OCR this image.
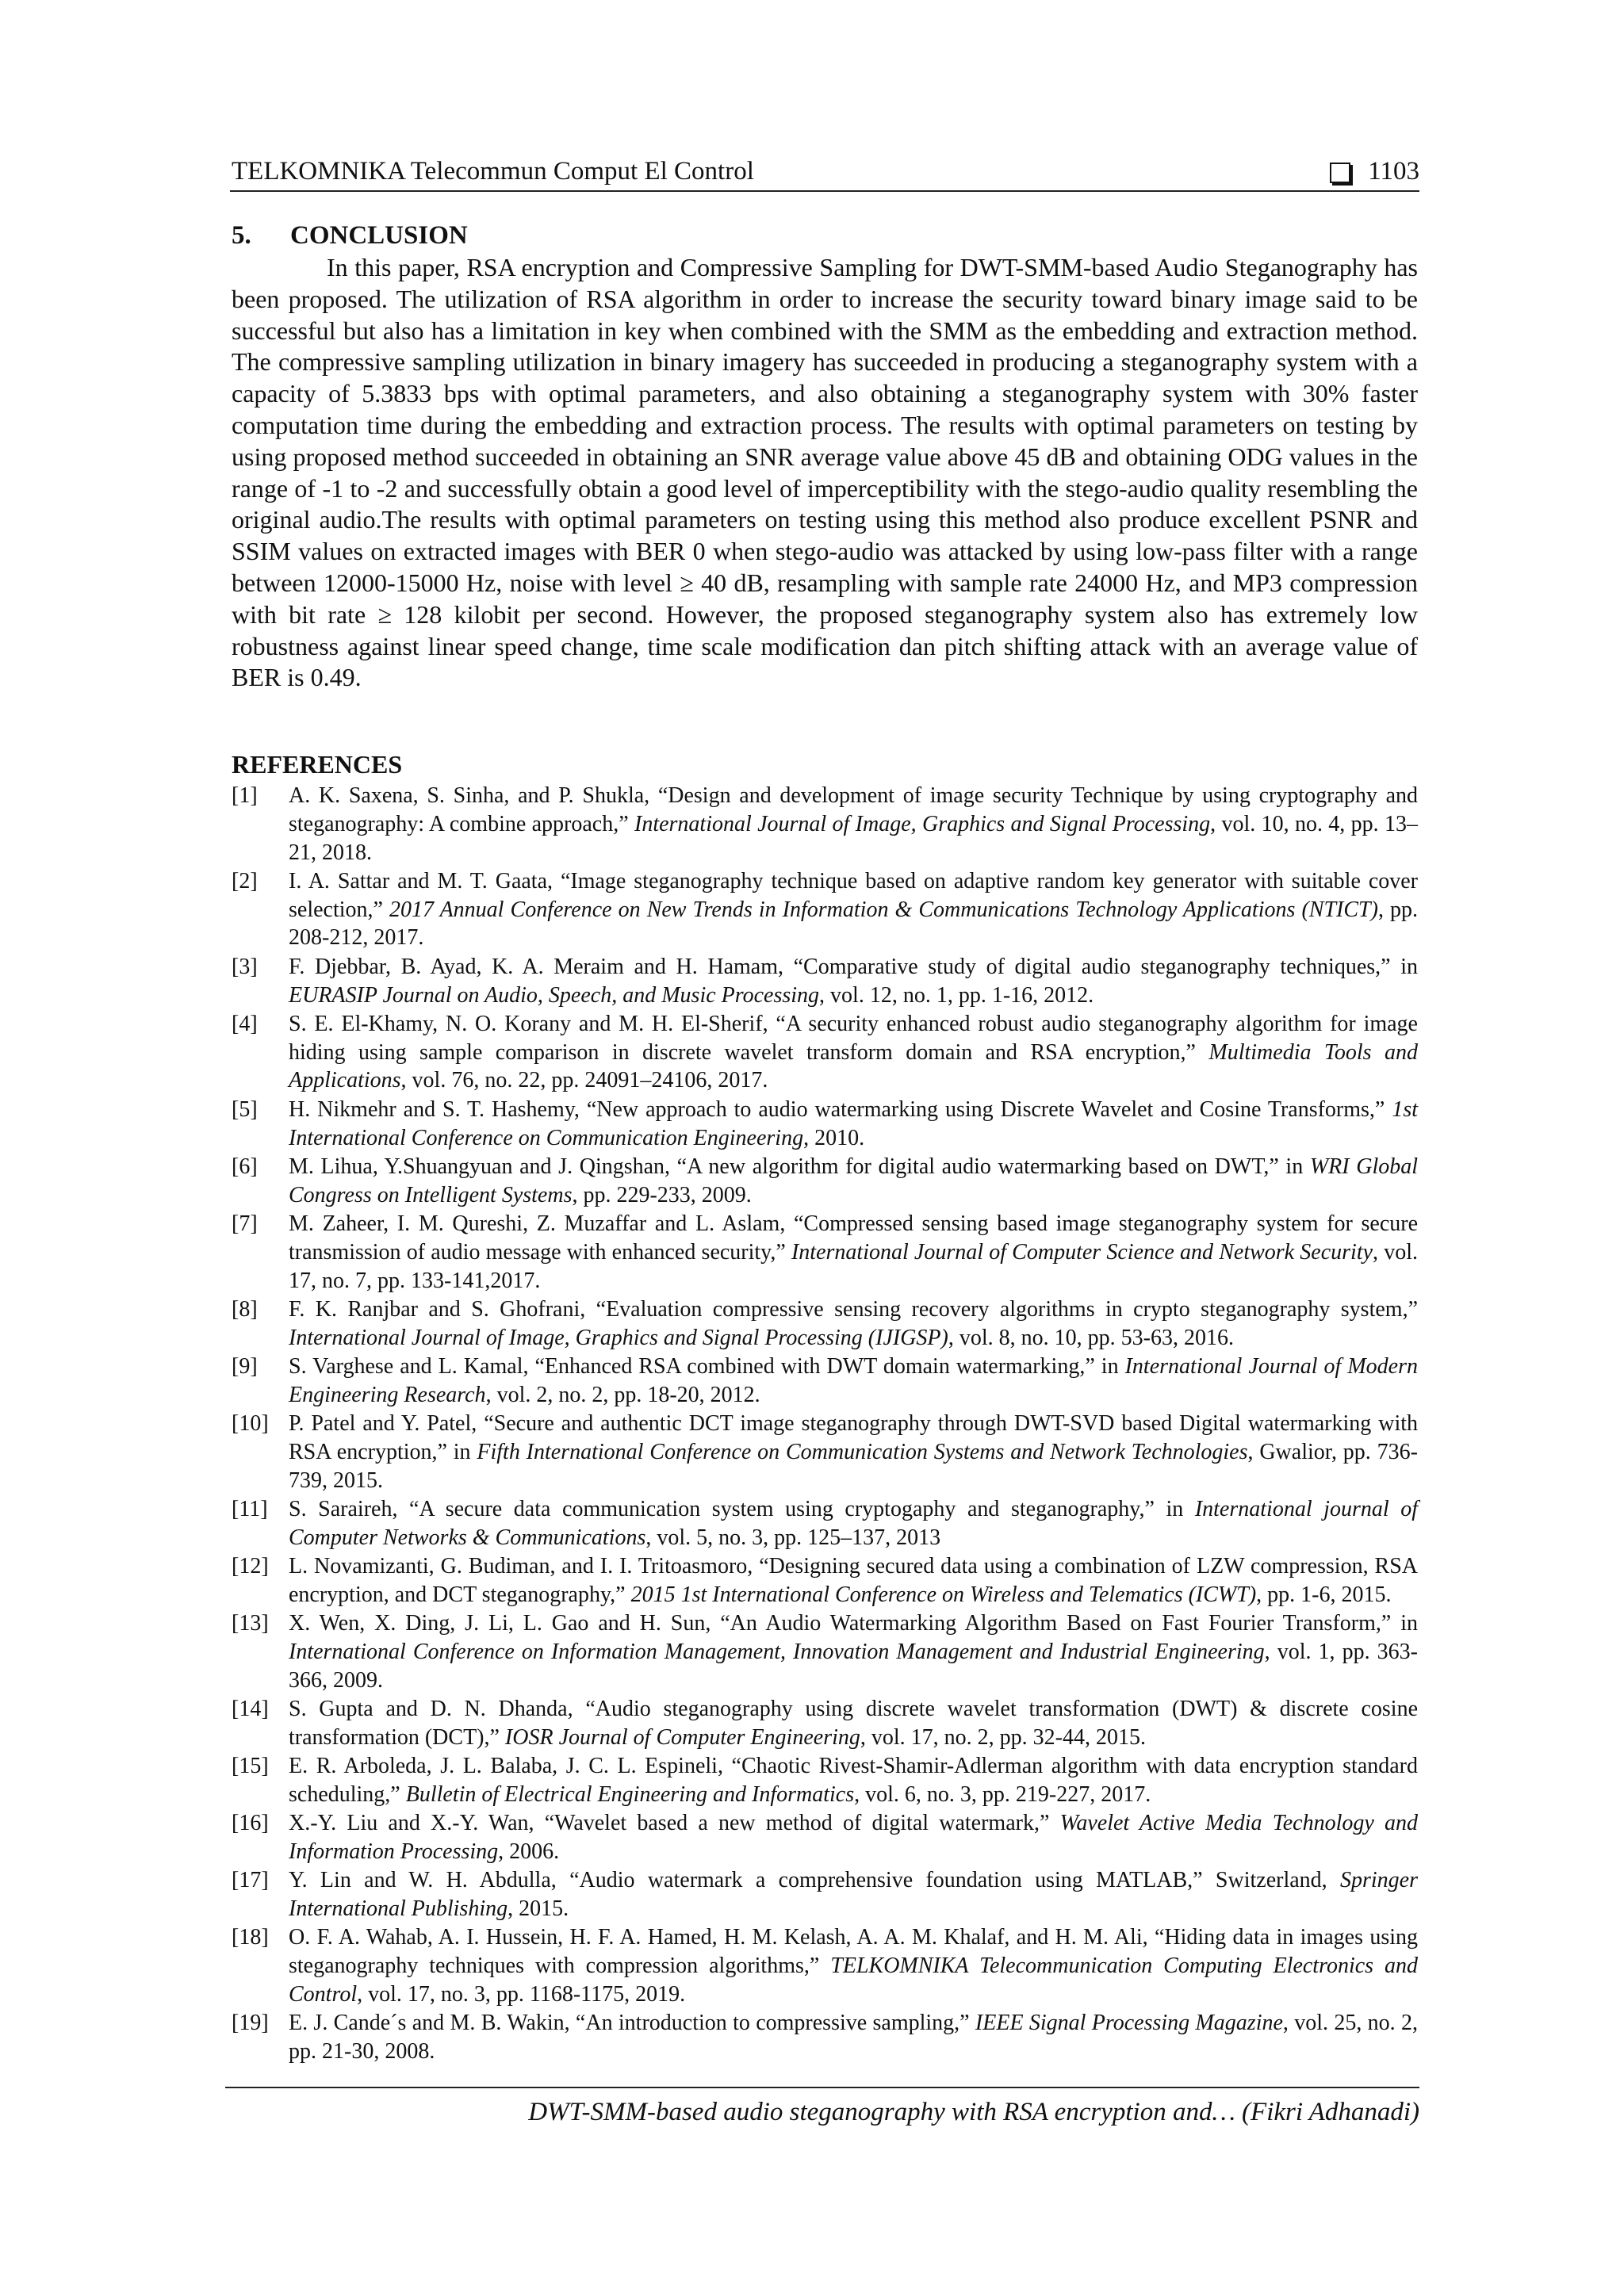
TELKOMNIKA Telecommun Comput El Control	1103
5. CONCLUSION

In this paper, RSA encryption and Compressive Sampling for DWT-SMM-based Audio Steganography has been proposed. The utilization of RSA algorithm in order to increase the security toward binary image said to be successful but also has a limitation in key when combined with the SMM as the embedding and extraction method. The compressive sampling utilization in binary imagery has succeeded in producing a steganography system with a capacity of 5.3833 bps with optimal parameters, and also obtaining a steganography system with 30% faster computation time during the embedding and extraction process. The results with optimal parameters on testing by using proposed method succeeded in obtaining an SNR average value above 45 dB and obtaining ODG values in the range of -1 to -2 and successfully obtain a good level of imperceptibility with the stego-audio quality resembling the original audio.The results with optimal parameters on testing using this method also produce excellent PSNR and SSIM values on extracted images with BER 0 when stego-audio was attacked by using low-pass filter with a range between 12000-15000 Hz, noise with level ≥ 40 dB, resampling with sample rate 24000 Hz, and MP3 compression with bit rate ≥ 128 kilobit per second. However, the proposed steganography system also has extremely low robustness against linear speed change, time scale modification dan pitch shifting attack with an average value of BER is 0.49.

REFERENCES
[1]	A. K. Saxena, S. Sinha, and P. Shukla, “Design and development of image security Technique by using cryptography and steganography: A combine approach,” International Journal of Image, Graphics and Signal Processing, vol. 10, no. 4, pp. 13–21, 2018.
[2]	I. A. Sattar and M. T. Gaata, “Image steganography technique based on adaptive random key generator with suitable cover selection,” 2017 Annual Conference on New Trends in Information & Communications Technology Applications (NTICT), pp. 208-212, 2017.
[3]	F. Djebbar, B. Ayad, K. A. Meraim and H. Hamam, “Comparative study of digital audio steganography techniques,” in EURASIP Journal on Audio, Speech, and Music Processing, vol. 12, no. 1, pp. 1-16, 2012.
[4]	S. E. El-Khamy, N. O. Korany and M. H. El-Sherif, “A security enhanced robust audio steganography algorithm for image hiding using sample comparison in discrete wavelet transform domain and RSA encryption,” Multimedia Tools and Applications, vol. 76, no. 22, pp. 24091–24106, 2017.
[5]	H. Nikmehr and S. T. Hashemy, “New approach to audio watermarking using Discrete Wavelet and Cosine Transforms,” 1st International Conference on Communication Engineering, 2010.
[6]	M. Lihua, Y.Shuangyuan and J. Qingshan, “A new algorithm for digital audio watermarking based on DWT,” in WRI Global Congress on Intelligent Systems, pp. 229-233, 2009.
[7]	M. Zaheer, I. M. Qureshi, Z. Muzaffar and L. Aslam, “Compressed sensing based image steganography system for secure transmission of audio message with enhanced security,” International Journal of Computer Science and Network Security, vol. 17, no. 7, pp. 133-141,2017.
[8]	F. K. Ranjbar and S. Ghofrani, “Evaluation compressive sensing recovery algorithms in crypto steganography system,” International Journal of Image, Graphics and Signal Processing (IJIGSP), vol. 8, no. 10, pp. 53-63, 2016.
[9]	S. Varghese and L. Kamal, “Enhanced RSA combined with DWT domain watermarking,” in International Journal of Modern Engineering Research, vol. 2, no. 2, pp. 18-20, 2012.
[10] P. Patel and Y. Patel, “Secure and authentic DCT image steganography through DWT-SVD based Digital watermarking with RSA encryption,” in Fifth International Conference on Communication Systems and Network Technologies, Gwalior, pp. 736-739, 2015.
[11] S. Saraireh, “A secure data communication system using cryptogaphy and steganography,” in International journal of Computer Networks & Communications, vol. 5, no. 3, pp. 125–137, 2013
[12] L. Novamizanti, G. Budiman, and I. I. Tritoasmoro, “Designing secured data using a combination of LZW compression, RSA encryption, and DCT steganography,” 2015 1st International Conference on Wireless and Telematics (ICWT), pp. 1-6, 2015.
[13] X. Wen, X. Ding, J. Li, L. Gao and H. Sun, “An Audio Watermarking Algorithm Based on Fast Fourier Transform,” in International Conference on Information Management, Innovation Management and Industrial Engineering, vol. 1, pp. 363-366, 2009.
[14] S. Gupta and D. N. Dhanda, “Audio steganography using discrete wavelet transformation (DWT) & discrete cosine transformation (DCT),” IOSR Journal of Computer Engineering, vol. 17, no. 2, pp. 32-44, 2015.
[15] E. R. Arboleda, J. L. Balaba, J. C. L. Espineli, “Chaotic Rivest-Shamir-Adlerman algorithm with data encryption standard scheduling,” Bulletin of Electrical Engineering and Informatics, vol. 6, no. 3, pp. 219-227, 2017.
[16] X.-Y. Liu and X.-Y. Wan, “Wavelet based a new method of digital watermark,” Wavelet Active Media Technology and Information Processing, 2006.
[17] Y. Lin and W. H. Abdulla, “Audio watermark a comprehensive foundation using MATLAB,” Switzerland, Springer International Publishing, 2015.
[18] O. F. A. Wahab, A. I. Hussein, H. F. A. Hamed, H. M. Kelash, A. A. M. Khalaf, and H. M. Ali, “Hiding data in images using steganography techniques with compression algorithms,” TELKOMNIKA Telecommunication Computing Electronics and Control, vol. 17, no. 3, pp. 1168-1175, 2019.
[19] E. J. Cande´s and M. B. Wakin, “An introduction to compressive sampling,” IEEE Signal Processing Magazine, vol. 25, no. 2, pp. 21-30, 2008.
DWT-SMM-based audio steganography with RSA encryption and… (Fikri Adhanadi)
